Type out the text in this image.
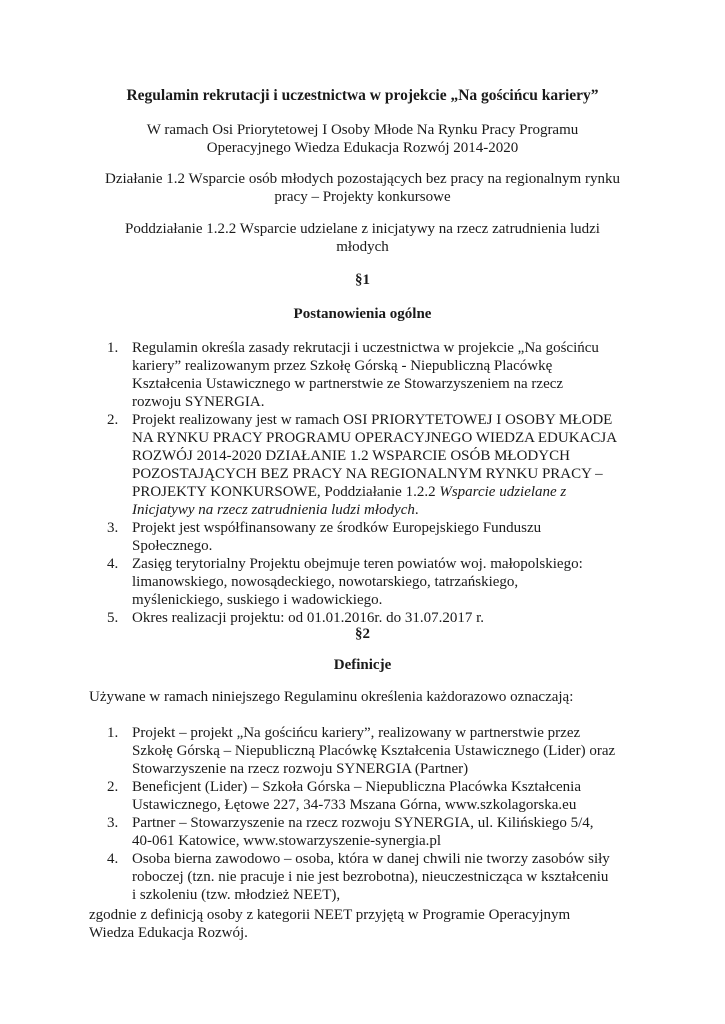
Regulamin rekrutacji i uczestnictwa w projekcie „Na gościńcu kariery”
W ramach Osi Priorytetowej I Osoby Młode Na Rynku Pracy Programu
Operacyjnego Wiedza Edukacja Rozwój 2014-2020
Działanie 1.2 Wsparcie osób młodych pozostających bez pracy na regionalnym rynku
pracy – Projekty konkursowe
Poddziałanie 1.2.2 Wsparcie udzielane z inicjatywy na rzecz zatrudnienia ludzi
młodych
§1
Postanowienia ogólne
1. Regulamin określa zasady rekrutacji i uczestnictwa w projekcie „Na gościńcu
kariery” realizowanym przez Szkołę Górską - Niepubliczną Placówkę
Kształcenia Ustawicznego w partnerstwie ze Stowarzyszeniem na rzecz
rozwoju SYNERGIA.
2. Projekt realizowany jest w ramach OSI PRIORYTETOWEJ I OSOBY MŁODE
NA RYNKU PRACY PROGRAMU OPERACYJNEGO WIEDZA EDUKACJA
ROZWÓJ 2014-2020 DZIAŁANIE 1.2 WSPARCIE OSÓB MŁODYCH
POZOSTAJĄCYCH BEZ PRACY NA REGIONALNYM RYNKU PRACY –
PROJEKTY KONKURSOWE, Poddziałanie 1.2.2 Wsparcie udzielane z
Inicjatywy na rzecz zatrudnienia ludzi młodych.
3. Projekt jest współfinansowany ze środków Europejskiego Funduszu
Społecznego.
4. Zasięg terytorialny Projektu obejmuje teren powiatów woj. małopolskiego:
limanowskiego, nowosądeckiego, nowotarskiego, tatrzańskiego,
myślenickiego, suskiego i wadowickiego.
5. Okres realizacji projektu: od 01.01.2016r. do 31.07.2017 r.
§2
Definicje
Używane w ramach niniejszego Regulaminu określenia każdorazowo oznaczają:
1. Projekt – projekt „Na gościńcu kariery”, realizowany w partnerstwie przez
Szkołę Górską – Niepubliczną Placówkę Kształcenia Ustawicznego (Lider) oraz
Stowarzyszenie na rzecz rozwoju SYNERGIA (Partner)
2. Beneficjent (Lider) – Szkoła Górska – Niepubliczna Placówka Kształcenia
Ustawicznego, Łętowe 227, 34-733 Mszana Górna, www.szkolagorska.eu
3. Partner – Stowarzyszenie na rzecz rozwoju SYNERGIA, ul. Kilińskiego 5/4,
40-061 Katowice, www.stowarzyszenie-synergia.pl
4. Osoba bierna zawodowo – osoba, która w danej chwili nie tworzy zasobów siły
roboczej (tzn. nie pracuje i nie jest bezrobotna), nieuczestnicząca w kształceniu
i szkoleniu (tzw. młodzież NEET),
zgodnie z definicją osoby z kategorii NEET przyjętą w Programie Operacyjnym
Wiedza Edukacja Rozwój.
